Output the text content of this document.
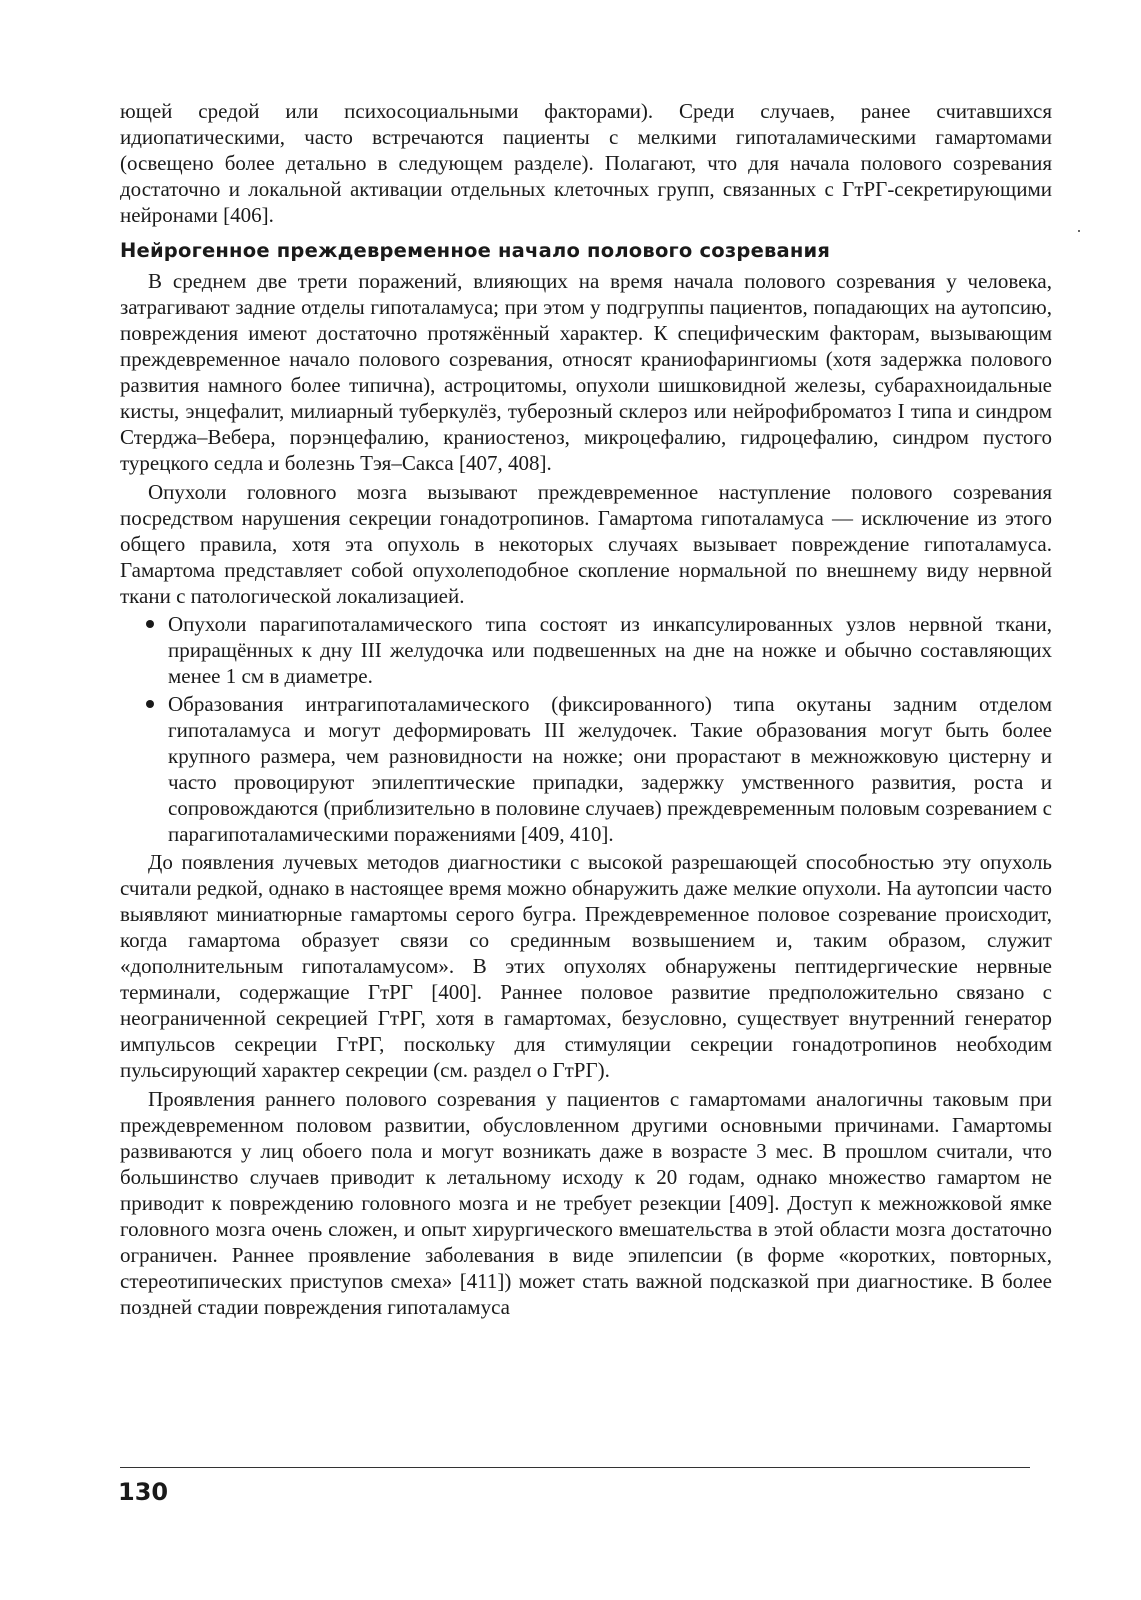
ющей средой или психосоциальными факторами). Среди случаев, ранее считавшихся идиопатическими, часто встречаются пациенты с мелкими гипоталамическими гамартомами (освещено более детально в следующем разделе). Полагают, что для начала полового созревания достаточно и локальной активации отдельных клеточных групп, связанных с ГтРГ-секретирующими нейронами [406].

Нейрогенное преждевременное начало полового созревания

В среднем две трети поражений, влияющих на время начала полового созревания у человека, затрагивают задние отделы гипоталамуса; при этом у подгруппы пациентов, попадающих на аутопсию, повреждения имеют достаточно протяжённый характер. К специфическим факторам, вызывающим преждевременное начало полового созревания, относят краниофарингиомы (хотя задержка полового развития намного более типична), астроцитомы, опухоли шишковидной железы, субарахноидальные кисты, энцефалит, милиарный туберкулёз, туберозный склероз или нейрофиброматоз I типа и синдром Стерджа–Вебера, порэнцефалию, краниостеноз, микроцефалию, гидроцефалию, синдром пустого турецкого седла и болезнь Тэя–Сакса [407, 408].

Опухоли головного мозга вызывают преждевременное наступление полового созревания посредством нарушения секреции гонадотропинов. Гамартома гипоталамуса — исключение из этого общего правила, хотя эта опухоль в некоторых случаях вызывает повреждение гипоталамуса. Гамартома представляет собой опухолеподобное скопление нормальной по внешнему виду нервной ткани с патологической локализацией.

Опухоли парагипоталамического типа состоят из инкапсулированных узлов нервной ткани, приращённых к дну III желудочка или подвешенных на дне на ножке и обычно составляющих менее 1 см в диаметре.
Образования интрагипоталамического (фиксированного) типа окутаны задним отделом гипоталамуса и могут деформировать III желудочек. Такие образования могут быть более крупного размера, чем разновидности на ножке; они прорастают в межножковую цистерну и часто провоцируют эпилептические припадки, задержку умственного развития, роста и сопровождаются (приблизительно в половине случаев) преждевременным половым созреванием с парагипоталамическими поражениями [409, 410].

До появления лучевых методов диагностики с высокой разрешающей способностью эту опухоль считали редкой, однако в настоящее время можно обнаружить даже мелкие опухоли. На аутопсии часто выявляют миниатюрные гамартомы серого бугра. Преждевременное половое созревание происходит, когда гамартома образует связи со срединным возвышением и, таким образом, служит «дополнительным гипоталамусом». В этих опухолях обнаружены пептидергические нервные терминали, содержащие ГтРГ [400]. Раннее половое развитие предположительно связано с неограниченной секрецией ГтРГ, хотя в гамартомах, безусловно, существует внутренний генератор импульсов секреции ГтРГ, поскольку для стимуляции секреции гонадотропинов необходим пульсирующий характер секреции (см. раздел о ГтРГ).

Проявления раннего полового созревания у пациентов с гамартомами аналогичны таковым при преждевременном половом развитии, обусловленном другими основными причинами. Гамартомы развиваются у лиц обоего пола и могут возникать даже в возрасте 3 мес. В прошлом считали, что большинство случаев приводит к летальному исходу к 20 годам, однако множество гамартом не приводит к повреждению головного мозга и не требует резекции [409]. Доступ к межножковой ямке головного мозга очень сложен, и опыт хирургического вмешательства в этой области мозга достаточно ограничен. Раннее проявление заболевания в виде эпилепсии (в форме «коротких, повторных, стереотипических приступов смеха» [411]) может стать важной подсказкой при диагностике. В более поздней стадии повреждения гипоталамуса

130
